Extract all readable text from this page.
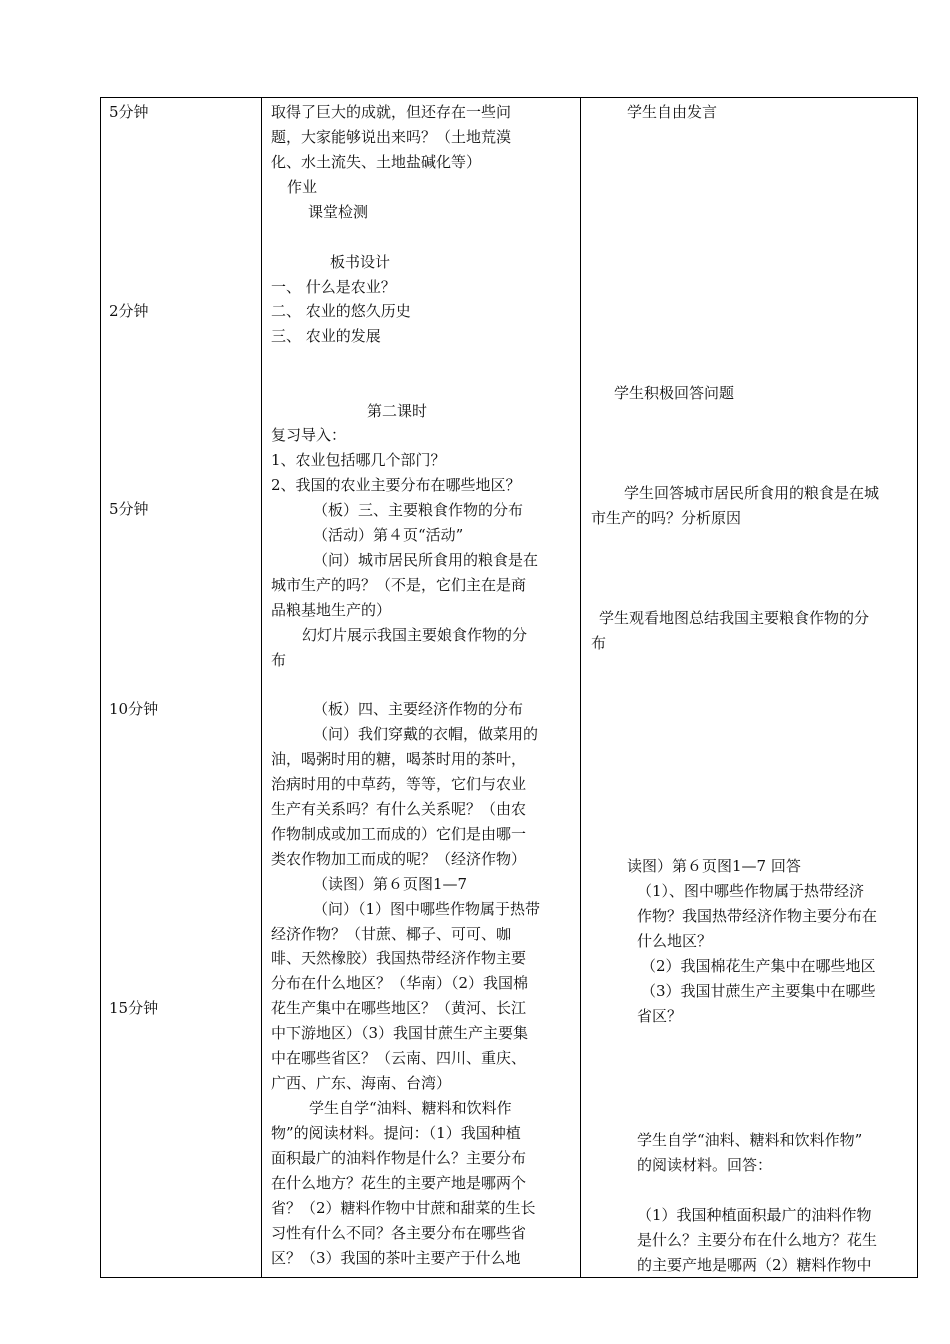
5分钟
2分钟
5分钟
10分钟
15分钟
取得了巨大的成就，但还存在一些问
题，大家能够说出来吗？（土地荒漠
化、水土流失、土地盐碱化等）
作业
课堂检测
板书设计
一、 什么是农业？
二、 农业的悠久历史
三、 农业的发展
第二课时
复习导入：
1、农业包括哪几个部门？
2、我国的农业主要分布在哪些地区？
（板）三、主要粮食作物的分布
（活动）第４页“活动”
（问）城市居民所食用的粮食是在
城市生产的吗？（不是，它们主在是商
品粮基地生产的）
幻灯片展示我国主要娘食作物的分
布
（板）四、主要经济作物的分布
（问）我们穿戴的衣帽，做菜用的
油，喝粥时用的糖，喝茶时用的茶叶，
治病时用的中草药，等等，它们与农业
生产有关系吗？有什么关系呢？（由农
作物制成或加工而成的）它们是由哪一
类农作物加工而成的呢？（经济作物）
（读图）第６页图1—7
（问）（1）图中哪些作物属于热带
经济作物？（甘蔗、椰子、可可、咖
啡、天然橡胶）我国热带经济作物主要
分布在什么地区？（华南）（2）我国棉
花生产集中在哪些地区？（黄河、长江
中下游地区）（3）我国甘蔗生产主要集
中在哪些省区？（云南、四川、重庆、
广西、广东、海南、台湾）
学生自学“油料、糖料和饮料作
物”的阅读材料。提问：（1）我国种植
面积最广的油料作物是什么？主要分布
在什么地方？花生的主要产地是哪两个
省？（2）糖料作物中甘蔗和甜菜的生长
习性有什么不同？各主要分布在哪些省
区？（3）我国的茶叶主要产于什么地
学生自由发言
学生积极回答问题
学生回答城市居民所食用的粮食是在城
市生产的吗？分析原因
学生观看地图总结我国主要粮食作物的分
布
读图）第６页图1—7 回答
（1）、图中哪些作物属于热带经济
作物？我国热带经济作物主要分布在
什么地区？
（2）我国棉花生产集中在哪些地区
（3）我国甘蔗生产主要集中在哪些
省区？
学生自学“油料、糖料和饮料作物”
的阅读材料。回答：
（1）我国种植面积最广的油料作物
是什么？主要分布在什么地方？花生
的主要产地是哪两（2）糖料作物中
